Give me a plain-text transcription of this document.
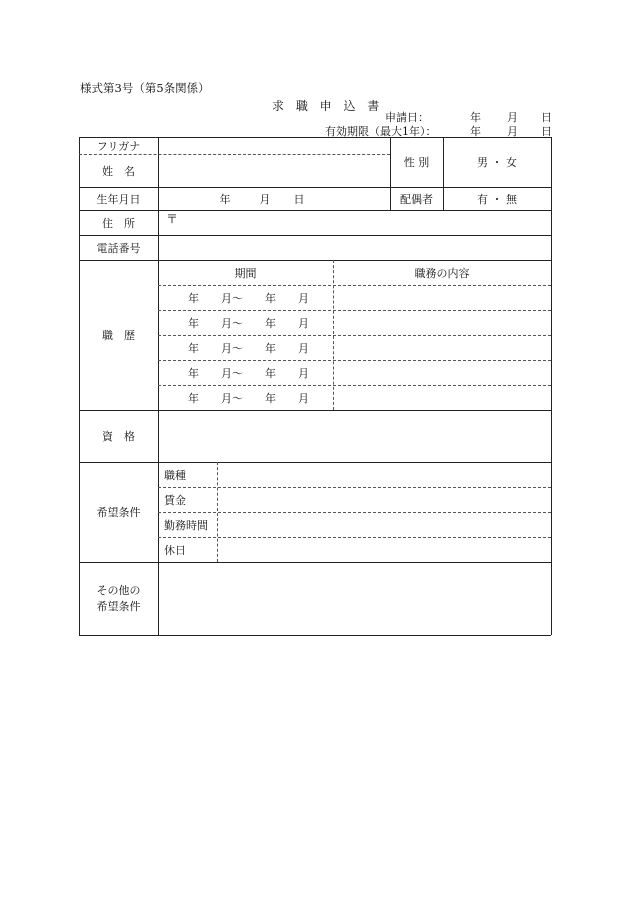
様式第3号（第5条関係）
求 職 申 込 書
申請日：	年 月 日
有効期限（最大1年）：	年 月 日
フリガナ
姓　名
性 別	男 ・ 女
生年月日	年	月	日	配偶者	有 ・ 無
住　所	〒
電話番号
職　歴
期間	職務の内容
年　　月～　　年　　月
年　　月～　　年　　月
年　　月～　　年　　月
年　　月～　　年　　月
年　　月～　　年　　月
資　格
希望条件
職種
賃金
勤務時間
休日
その他の
希望条件
